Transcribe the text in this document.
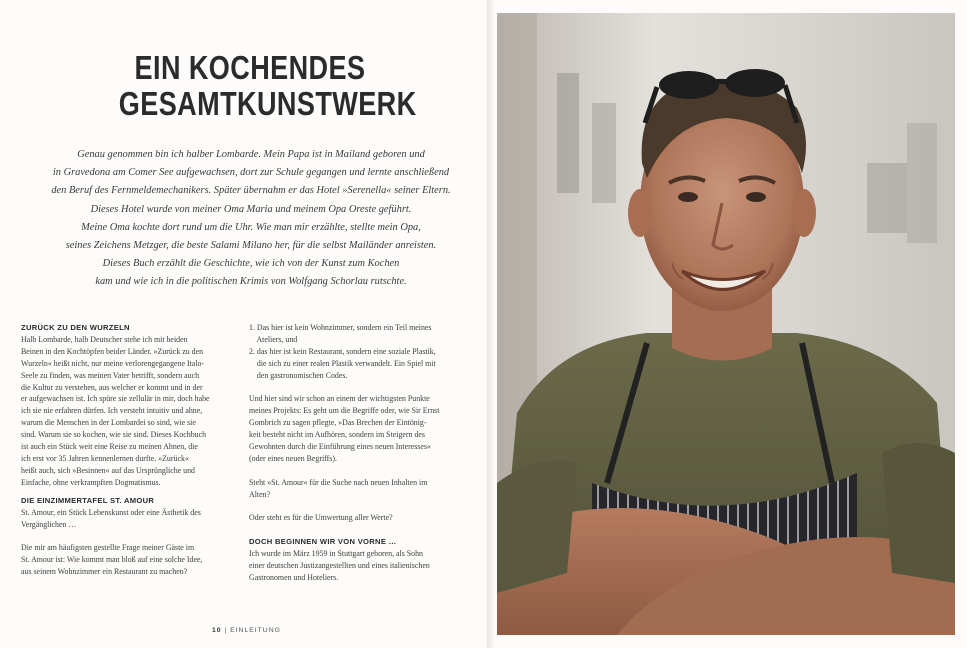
EIN KOCHENDES
GESAMTKUNSTWERK
Genau genommen bin ich halber Lombarde. Mein Papa ist in Mailand geboren und
in Gravedona am Comer See aufgewachsen, dort zur Schule gegangen und lernte anschließend
den Beruf des Fernmeldemechanikers. Später übernahm er das Hotel »Serenella« seiner Eltern.
Dieses Hotel wurde von meiner Oma Maria und meinem Opa Oreste geführt.
Meine Oma kochte dort rund um die Uhr. Wie man mir erzählte, stellte mein Opa,
seines Zeichens Metzger, die beste Salami Milano her, für die selbst Mailänder anreisten.
Dieses Buch erzählt die Geschichte, wie ich von der Kunst zum Kochen
kam und wie ich in die politischen Krimis von Wolfgang Schorlau rutschte.
ZURÜCK ZU DEN WURZELN
Halb Lombarde, halb Deutscher stehe ich mit beiden
Beinen in den Kochtöpfen beider Länder. »Zurück zu den
Wurzeln« heißt nicht, nur meine verlorengegangene Italo-
Seele zu finden, was meinen Vater betrifft, sondern auch
die Kultur zu verstehen, aus welcher er kommt und in der
er aufgewachsen ist. Ich spüre sie zellulär in mir, doch habe
ich sie nie erfahren dürfen. Ich versteht intuitiv und ahne,
warum die Menschen in der Lombardei so sind, wie sie
sind. Warum sie so kochen, wie sie sind. Dieses Kochbuch
ist auch ein Stück weit eine Reise zu meinen Ahnen, die
ich erst vor 35 Jahren kennenlernen durfte. »Zurück«
heißt auch, sich »Besinnen« auf das Ursprüngliche und
Einfache, ohne verkrampften Dogmatismus.
DIE EINZIMMERTAFEL ST. AMOUR
St. Amour, ein Stück Lebenskunst oder eine Ästhetik des
Vergänglichen …
Die mir am häufigsten gestellte Frage meiner Gäste im
St. Amour ist: Wie kommt man bloß auf eine solche Idee,
aus seinem Wohnzimmer ein Restaurant zu machen?
1. Das hier ist kein Wohnzimmer, sondern ein Teil meines
Ateliers, und
2. das hier ist kein Restaurant, sondern eine soziale Plastik,
die sich zu einer realen Plastik verwandelt. Ein Spiel mit
den gastronomischen Codes.
Und hier sind wir schon an einem der wichtigsten Punkte
meines Projekts: Es geht um die Begriffe oder, wie Sir Ernst
Gombrich zu sagen pflegte, »Das Brechen der Eintönig-
keit besteht nicht im Aufhören, sondern im Steigern des
Gewohnten durch die Einführung eines neuen Interesses«
(oder eines neuen Begriffs).
Steht »St. Amour« für die Suche nach neuen Inhalten im
Alten?
Oder steht es für die Umwertung aller Werte?
DOCH BEGINNEN WIR VON VORNE …
Ich wurde im März 1959 in Stuttgart geboren, als Sohn
einer deutschen Justizangestellten und eines italienischen
Gastronomen und Hoteliers.
10 | EINLEITUNG
